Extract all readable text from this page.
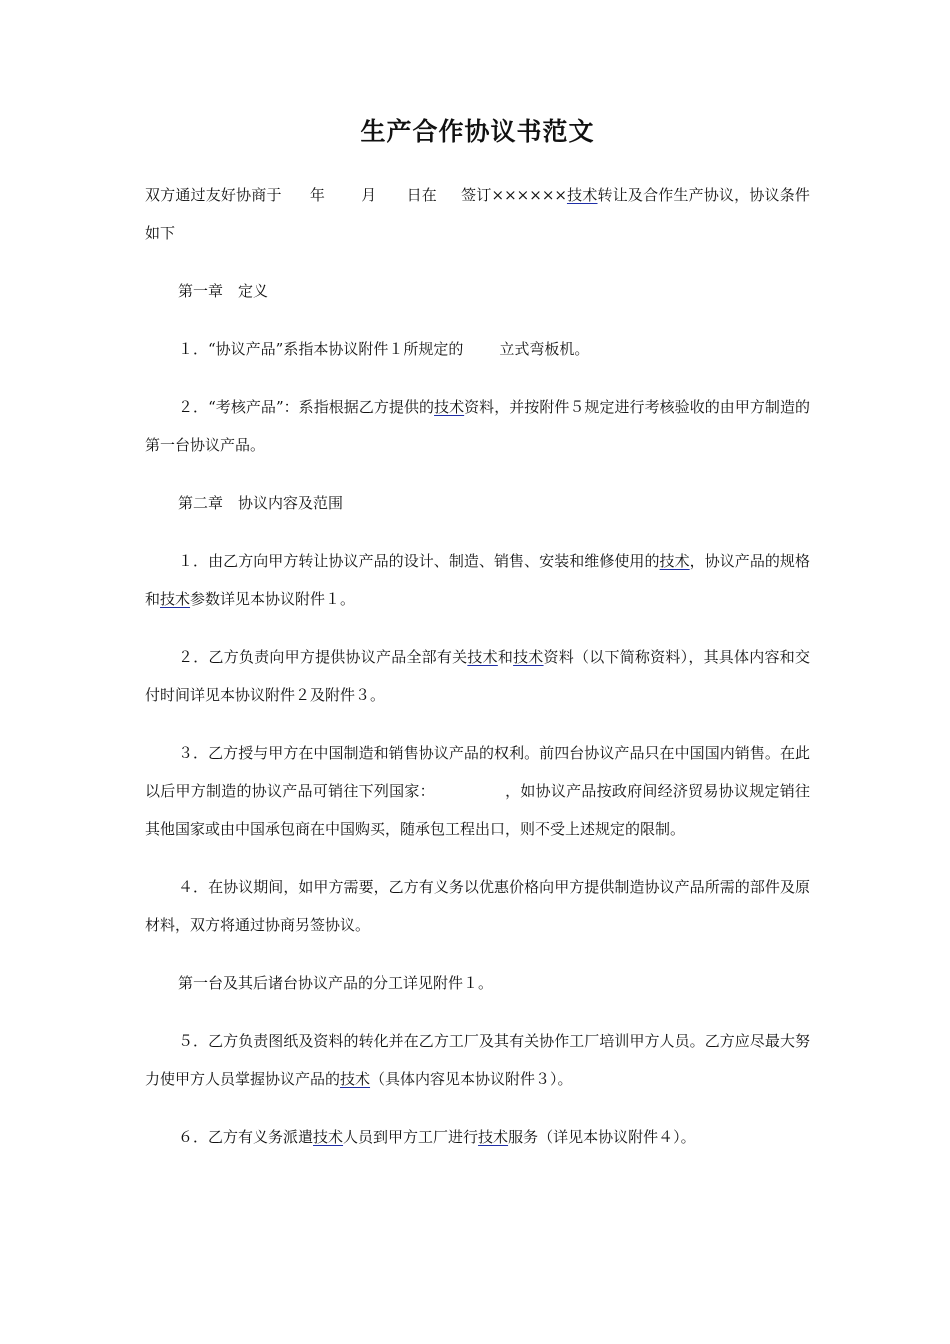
生产合作协议书范文

双方通过友好协商于 年 月 日在 签订××××××技术转让及合作生产协议，协议条件如下

第一章　定义

１．“协议产品”系指本协议附件１所规定的 立式弯板机。

２．“考核产品”：系指根据乙方提供的技术资料，并按附件５规定进行考核验收的由甲方制造的第一台协议产品。

第二章　协议内容及范围

１．由乙方向甲方转让协议产品的设计、制造、销售、安装和维修使用的技术，协议产品的规格和技术参数详见本协议附件１。

２．乙方负责向甲方提供协议产品全部有关技术和技术资料（以下简称资料），其具体内容和交付时间详见本协议附件２及附件３。

３．乙方授与甲方在中国制造和销售协议产品的权利。前四台协议产品只在中国国内销售。在此以后甲方制造的协议产品可销往下列国家：	，如协议产品按政府间经济贸易协议规定销往其他国家或由中国承包商在中国购买，随承包工程出口，则不受上述规定的限制。

４．在协议期间，如甲方需要，乙方有义务以优惠价格向甲方提供制造协议产品所需的部件及原材料，双方将通过协商另签协议。

第一台及其后诸台协议产品的分工详见附件１。

５．乙方负责图纸及资料的转化并在乙方工厂及其有关协作工厂培训甲方人员。乙方应尽最大努力使甲方人员掌握协议产品的技术（具体内容见本协议附件３）。

６．乙方有义务派遣技术人员到甲方工厂进行技术服务（详见本协议附件４）。
